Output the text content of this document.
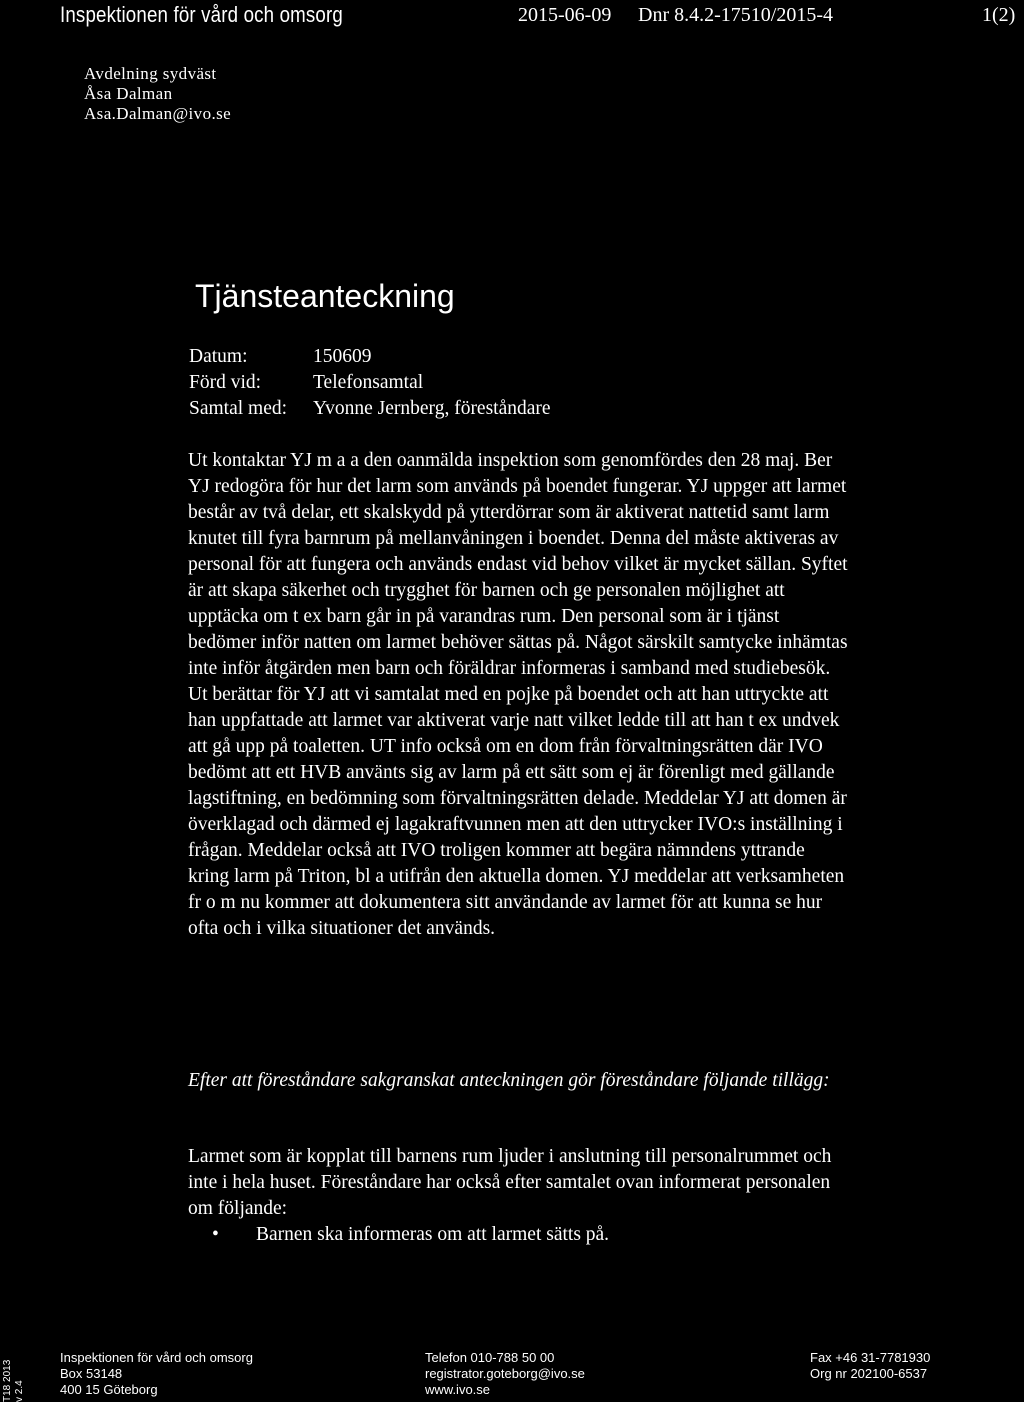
Inspektionen för vård och omsorg	2015-06-09 Dnr 8.4.2-17510/2015-4	1(2)
Avdelning sydväst
Åsa Dalman
Asa.Dalman@ivo.se
Tjänsteanteckning
Datum:	150609
Förd vid:	Telefonsamtal
Samtal med:	Yvonne Jernberg, föreståndare
Ut kontaktar YJ m a a den oanmälda inspektion som genomfördes den 28 maj. Ber YJ redogöra för hur det larm som används på boendet fungerar. YJ uppger att larmet består av två delar, ett skalskydd på ytterdörrar som är aktiverat nattetid samt larm knutet till fyra barnrum på mellanvåningen i boendet. Denna del måste aktiveras av personal för att fungera och används endast vid behov vilket är mycket sällan. Syftet är att skapa säkerhet och trygghet för barnen och ge personalen möjlighet att upptäcka om t ex barn går in på varandras rum. Den personal som är i tjänst bedömer inför natten om larmet behöver sättas på. Något särskilt samtycke inhämtas inte inför åtgärden men barn och föräldrar informeras i samband med studiebesök. Ut berättar för YJ att vi samtalat med en pojke på boendet och att han uttryckte att han uppfattade att larmet var aktiverat varje natt vilket ledde till att han t ex undvek att gå upp på toaletten. UT info också om en dom från förvaltningsrätten där IVO bedömt att ett HVB använts sig av larm på ett sätt som ej är förenligt med gällande lagstiftning, en bedömning som förvaltningsrätten delade. Meddelar YJ att domen är överklagad och därmed ej lagakraftvunnen men att den uttrycker IVO:s inställning i frågan. Meddelar också att IVO troligen kommer att begära nämndens yttrande kring larm på Triton, bl a utifrån den aktuella domen. YJ meddelar att verksamheten fr o m nu kommer att dokumentera sitt användande av larmet för att kunna se hur ofta och i vilka situationer det används.
Efter att föreståndare sakgranskat anteckningen gör föreståndare följande tillägg:
Larmet som är kopplat till barnens rum ljuder i anslutning till personalrummet och inte i hela huset. Föreståndare har också efter samtalet ovan informerat personalen om följande:
•	Barnen ska informeras om att larmet sätts på.
T18 2013 v 2.4
Inspektionen för vård och omsorg
Box 53148
400 15 Göteborg
Telefon 010-788 50 00
registrator.goteborg@ivo.se
www.ivo.se
Fax +46 31-7781930
Org nr 202100-6537
